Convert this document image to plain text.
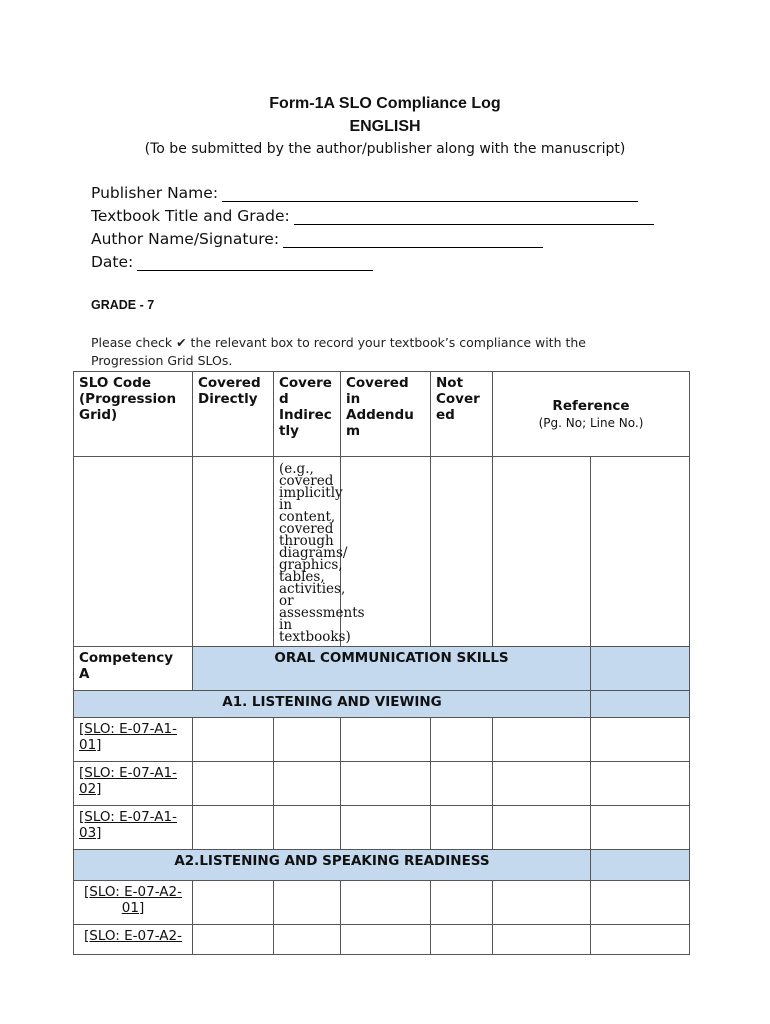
Form-1A SLO Compliance Log
ENGLISH
(To be submitted by the author/publisher along with the manuscript)
Publisher Name:
Textbook Title and Grade:
Author Name/Signature:
Date:
GRADE - 7
Please check ✔ the relevant box to record your textbook’s compliance with the Progression Grid SLOs.
SLO Code (Progression Grid)	Covered Directly	Covere d Indirec tly	Covered in Addendu m	Not Cover ed	Reference
(Pg. No; Line No.)	

		(e.g., covered implicitly in content, covered through diagrams/ graphics, tables, activities, or assessments in textbooks)				
Competency A	ORAL COMMUNICATION SKILLS					
A1. LISTENING AND VIEWING						
[SLO: E-07-A1-01]						
[SLO: E-07-A1-02]						
[SLO: E-07-A1-03]						
A2.LISTENING AND SPEAKING READINESS						
[SLO: E-07-A2-01]						
[SLO: E-07-A2-						
